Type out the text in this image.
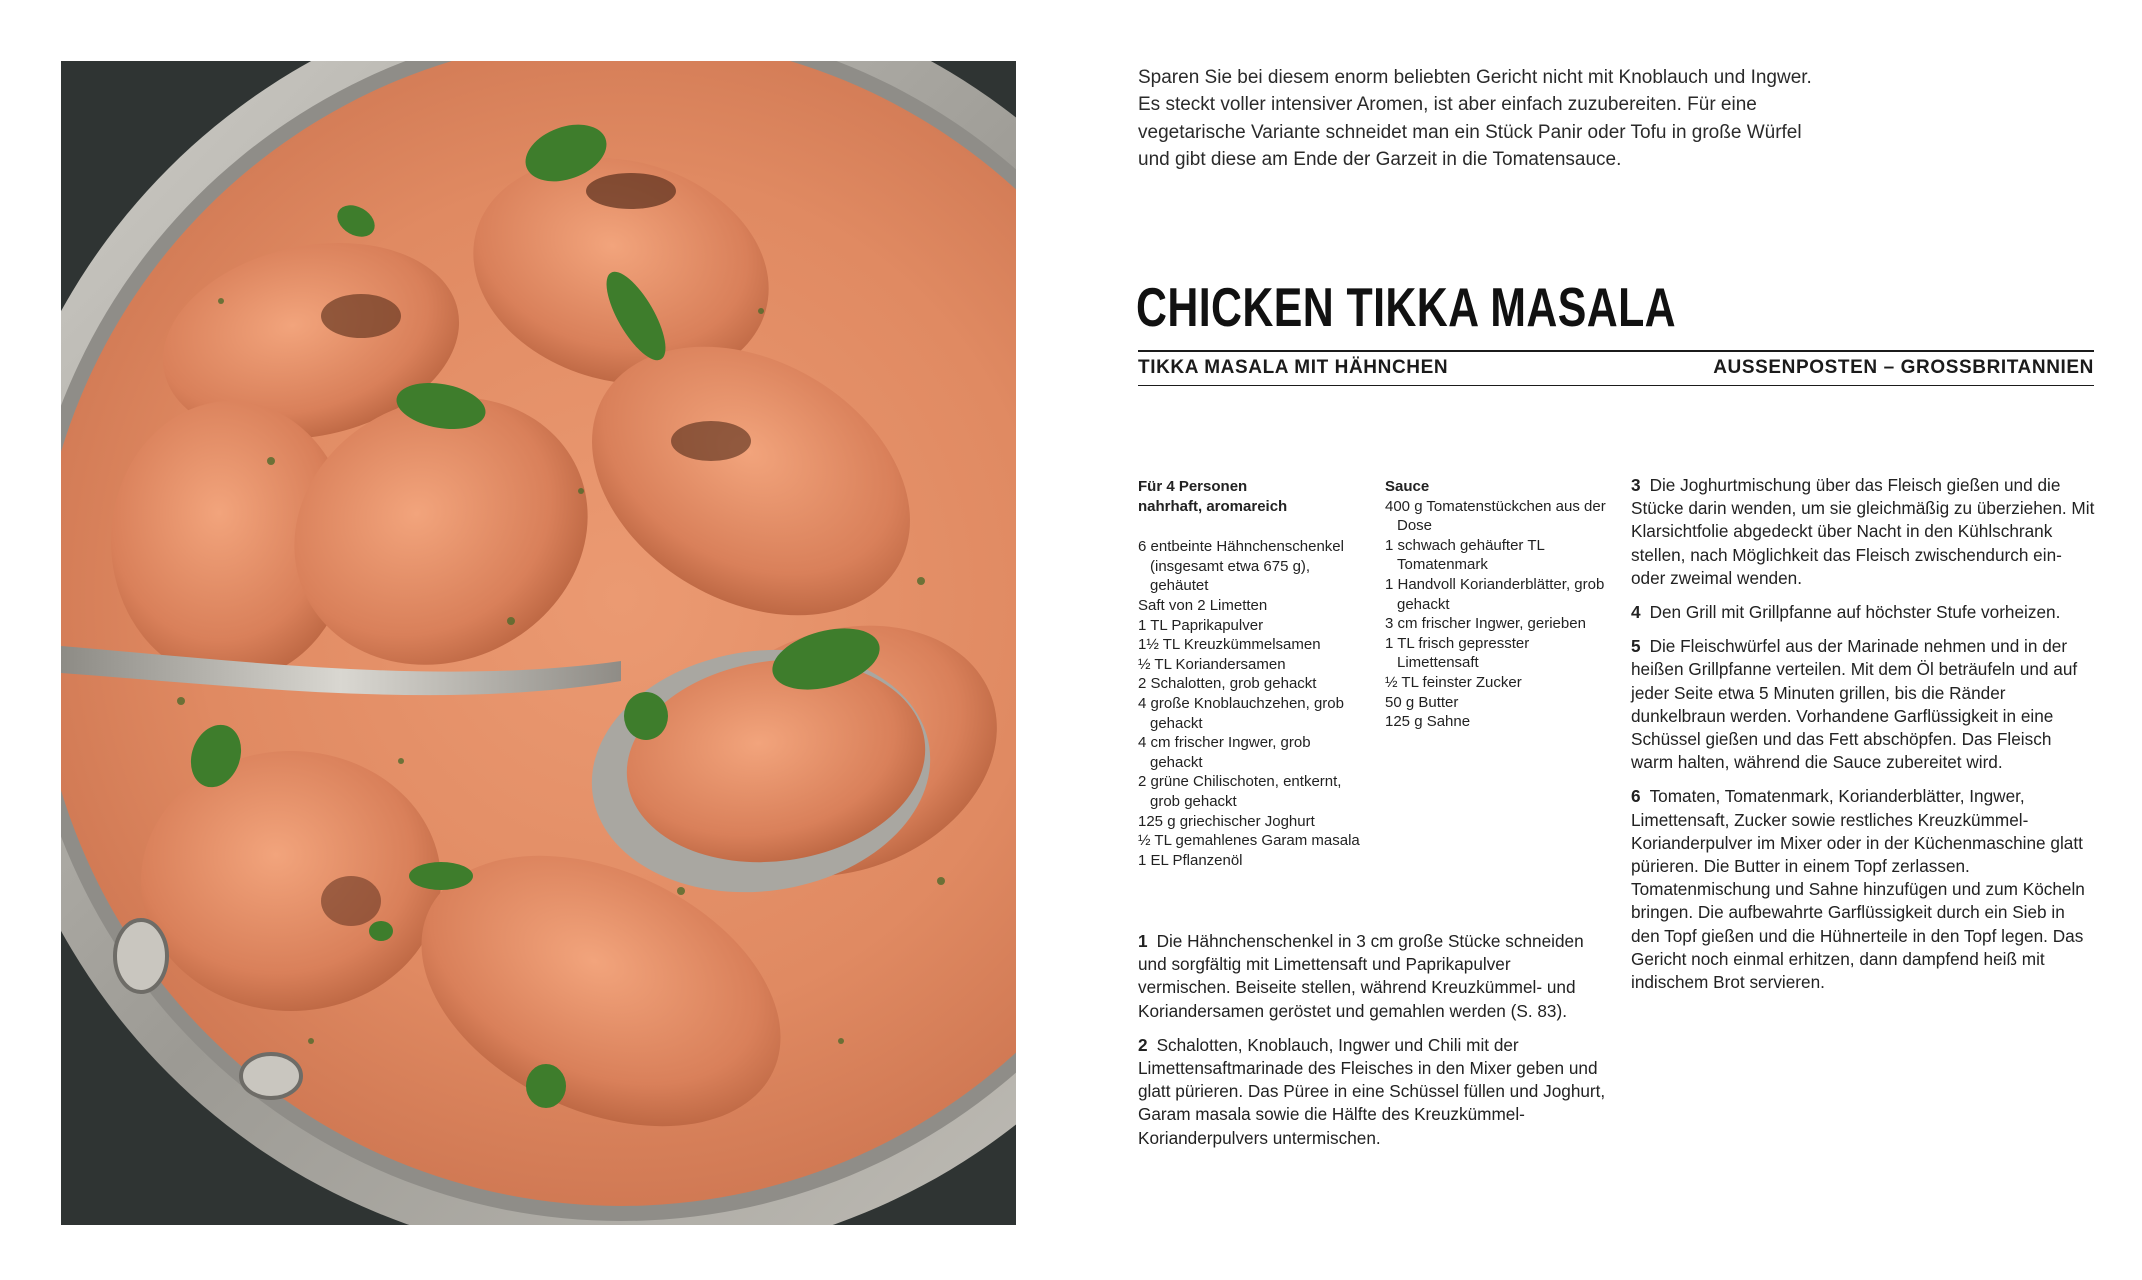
Sparen Sie bei diesem enorm beliebten Gericht nicht mit Knoblauch und Ingwer. Es steckt voller intensiver Aromen, ist aber einfach zuzubereiten. Für eine vegetarische Variante schneidet man ein Stück Panir oder Tofu in große Würfel und gibt diese am Ende der Garzeit in die Tomatensauce.

CHICKEN TIKKA MASALA
TIKKA MASALA MIT HÄHNCHEN	AUSSENPOSTEN – GROSSBRITANNIEN
Für 4 Personen
nahrhaft, aromareich
6 entbeinte Hähnchenschenkel (insgesamt etwa 675 g), gehäutet
Saft von 2 Limetten
1 TL Paprikapulver
1½ TL Kreuzkümmelsamen
½ TL Koriandersamen
2 Schalotten, grob gehackt
4 große Knoblauchzehen, grob gehackt
4 cm frischer Ingwer, grob gehackt
2 grüne Chilischoten, entkernt, grob gehackt
125 g griechischer Joghurt
½ TL gemahlenes Garam masala
1 EL Pflanzenöl
Sauce
400 g Tomatenstückchen aus der Dose
1 schwach gehäufter TL Tomatenmark
1 Handvoll Korianderblätter, grob gehackt
3 cm frischer Ingwer, gerieben
1 TL frisch gepresster Limettensaft
½ TL feinster Zucker
50 g Butter
125 g Sahne

1 Die Hähnchenschenkel in 3 cm große Stücke schneiden und sorgfältig mit Limettensaft und Paprikapulver vermischen. Beiseite stellen, während Kreuzkümmel- und Koriandersamen geröstet und gemahlen werden (S. 83).

2 Schalotten, Knoblauch, Ingwer und Chili mit der Limettensaftmarinade des Fleisches in den Mixer geben und glatt pürieren. Das Püree in eine Schüssel füllen und Joghurt, Garam masala sowie die Hälfte des Kreuzkümmel-Korianderpulvers untermischen.

3 Die Joghurtmischung über das Fleisch gießen und die Stücke darin wenden, um sie gleichmäßig zu überziehen. Mit Klarsichtfolie abgedeckt über Nacht in den Kühlschrank stellen, nach Möglichkeit das Fleisch zwischendurch ein- oder zweimal wenden.

4 Den Grill mit Grillpfanne auf höchster Stufe vorheizen.

5 Die Fleischwürfel aus der Marinade nehmen und in der heißen Grillpfanne verteilen. Mit dem Öl beträufeln und auf jeder Seite etwa 5 Minuten grillen, bis die Ränder dunkelbraun werden. Vorhandene Garflüssigkeit in eine Schüssel gießen und das Fett abschöpfen. Das Fleisch warm halten, während die Sauce zubereitet wird.

6 Tomaten, Tomatenmark, Korianderblätter, Ingwer, Limettensaft, Zucker sowie restliches Kreuzkümmel-Korianderpulver im Mixer oder in der Küchenmaschine glatt pürieren. Die Butter in einem Topf zerlassen. Tomatenmischung und Sahne hinzufügen und zum Köcheln bringen. Die aufbewahrte Garflüssigkeit durch ein Sieb in den Topf gießen und die Hühnerteile in den Topf legen. Das Gericht noch einmal erhitzen, dann dampfend heiß mit indischem Brot servieren.
